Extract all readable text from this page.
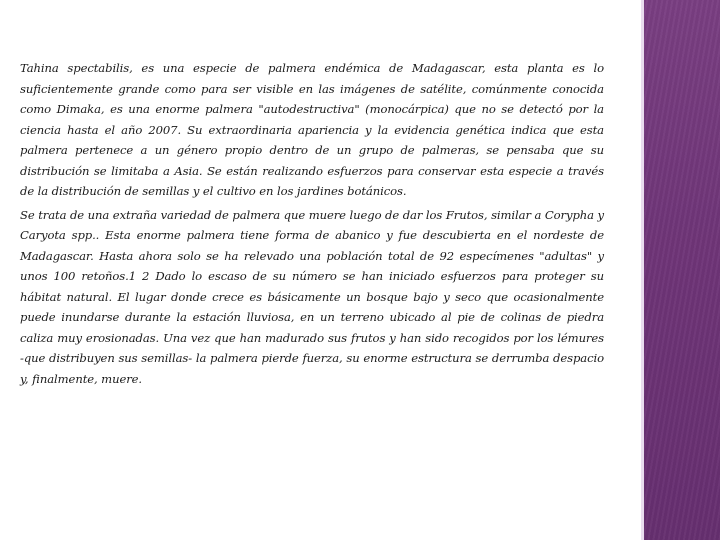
Tahina spectabilis, es una especie de palmera endémica de Madagascar, esta planta es lo suficientemente grande como para ser visible en las imágenes de satélite, comúnmente conocida como Dimaka, es una enorme palmera "autodestructiva" (monocárpica) que no se detectó por la ciencia hasta el año 2007. Su extraordinaria apariencia y la evidencia genética indica que esta palmera pertenece a un género propio dentro de un grupo de palmeras, se pensaba que su distribución se limitaba a Asia. Se están realizando esfuerzos para conservar esta especie a través de la distribución de semillas y el cultivo en los jardines botánicos.

Se trata de una extraña variedad de palmera que muere luego de dar los Frutos, similar a Corypha y Caryota spp.. Esta enorme palmera tiene forma de abanico y fue descubierta en el nordeste de Madagascar. Hasta ahora solo se ha relevado una población total de 92 especímenes "adultas" y unos 100 retoños.1 2 Dado lo escaso de su número se han iniciado esfuerzos para proteger su hábitat natural. El lugar donde crece es básicamente un bosque bajo y seco que ocasionalmente puede inundarse durante la estación lluviosa, en un terreno ubicado al pie de colinas de piedra caliza muy erosionadas. Una vez que han madurado sus frutos y han sido recogidos por los lémures -que distribuyen sus semillas- la palmera pierde fuerza, su enorme estructura se derrumba despacio y, finalmente, muere.
